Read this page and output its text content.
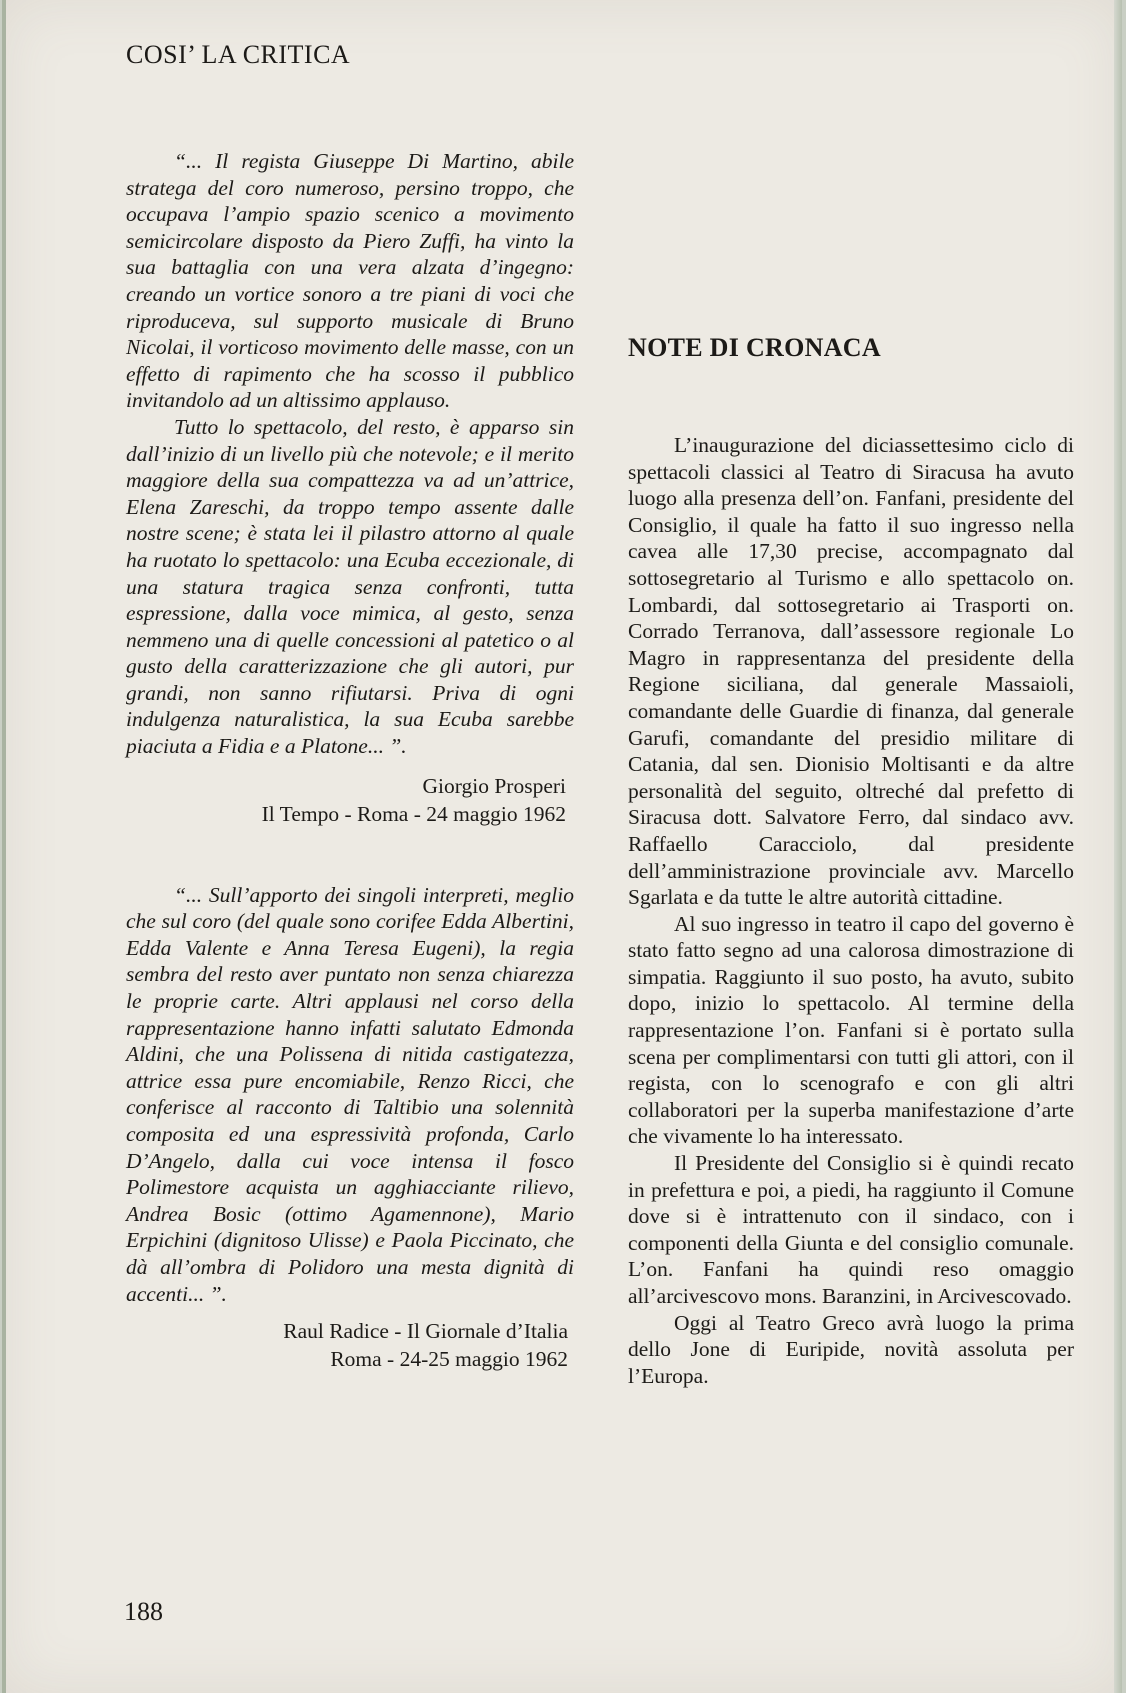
COSI’ LA CRITICA

“... Il regista Giuseppe Di Martino, abile stratega del coro numeroso, persino troppo, che occupava l’ampio spazio scenico a movimento semicircolare disposto da Piero Zuffi, ha vinto la sua battaglia con una vera alzata d’ingegno: creando un vortice sonoro a tre piani di voci che riproduceva, sul supporto musicale di Bruno Nicolai, il vorticoso movimento delle masse, con un effetto di rapimento che ha scosso il pubblico invitandolo ad un altissimo applauso.

Tutto lo spettacolo, del resto, è apparso sin dall’inizio di un livello più che notevole; e il merito maggiore della sua compattezza va ad un’attrice, Elena Zareschi, da troppo tempo assente dalle nostre scene; è stata lei il pilastro attorno al quale ha ruotato lo spettacolo: una Ecuba eccezionale, di una statura tragica senza confronti, tutta espressione, dalla voce mimica, al gesto, senza nemmeno una di quelle concessioni al patetico o al gusto della caratterizzazione che gli autori, pur grandi, non sanno rifiutarsi. Priva di ogni indulgenza naturalistica, la sua Ecuba sarebbe piaciuta a Fidia e a Platone... ”.

Giorgio Prosperi
Il Tempo - Roma - 24 maggio 1962

“... Sull’apporto dei singoli interpreti, meglio che sul coro (del quale sono corifee Edda Albertini, Edda Valente e Anna Teresa Eugeni), la regia sembra del resto aver puntato non senza chiarezza le proprie carte. Altri applausi nel corso della rappresentazione hanno infatti salutato Edmonda Aldini, che una Polissena di nitida castigatezza, attrice essa pure encomiabile, Renzo Ricci, che conferisce al racconto di Taltibio una solennità composita ed una espressività profonda, Carlo D’Angelo, dalla cui voce intensa il fosco Polimestore acquista un agghiacciante rilievo, Andrea Bosic (ottimo Agamennone), Mario Erpichini (dignitoso Ulisse) e Paola Piccinato, che dà all’ombra di Polidoro una mesta dignità di accenti... ”.

Raul Radice - Il Giornale d’Italia
Roma - 24-25 maggio 1962
NOTE DI CRONACA

L’inaugurazione del diciassettesimo ciclo di spettacoli classici al Teatro di Siracusa ha avuto luogo alla presenza dell’on. Fanfani, presidente del Consiglio, il quale ha fatto il suo ingresso nella cavea alle 17,30 precise, accompagnato dal sottosegretario al Turismo e allo spettacolo on. Lombardi, dal sottosegretario ai Trasporti on. Corrado Terranova, dall’assessore regionale Lo Magro in rappresentanza del presidente della Regione siciliana, dal generale Massaioli, comandante delle Guardie di finanza, dal generale Garufi, comandante del presidio militare di Catania, dal sen. Dionisio Moltisanti e da altre personalità del seguito, oltreché dal prefetto di Siracusa dott. Salvatore Ferro, dal sindaco avv. Raffaello Caracciolo, dal presidente dell’amministrazione provinciale avv. Marcello Sgarlata e da tutte le altre autorità cittadine.

Al suo ingresso in teatro il capo del governo è stato fatto segno ad una calorosa dimostrazione di simpatia. Raggiunto il suo posto, ha avuto, subito dopo, inizio lo spettacolo. Al termine della rappresentazione l’on. Fanfani si è portato sulla scena per complimentarsi con tutti gli attori, con il regista, con lo scenografo e con gli altri collaboratori per la superba manifestazione d’arte che vivamente lo ha interessato.

Il Presidente del Consiglio si è quindi recato in prefettura e poi, a piedi, ha raggiunto il Comune dove si è intrattenuto con il sindaco, con i componenti della Giunta e del consiglio comunale. L’on. Fanfani ha quindi reso omaggio all’arcivescovo mons. Baranzini, in Arcivescovado.

Oggi al Teatro Greco avrà luogo la prima dello Jone di Euripide, novità assoluta per l’Europa.

188
